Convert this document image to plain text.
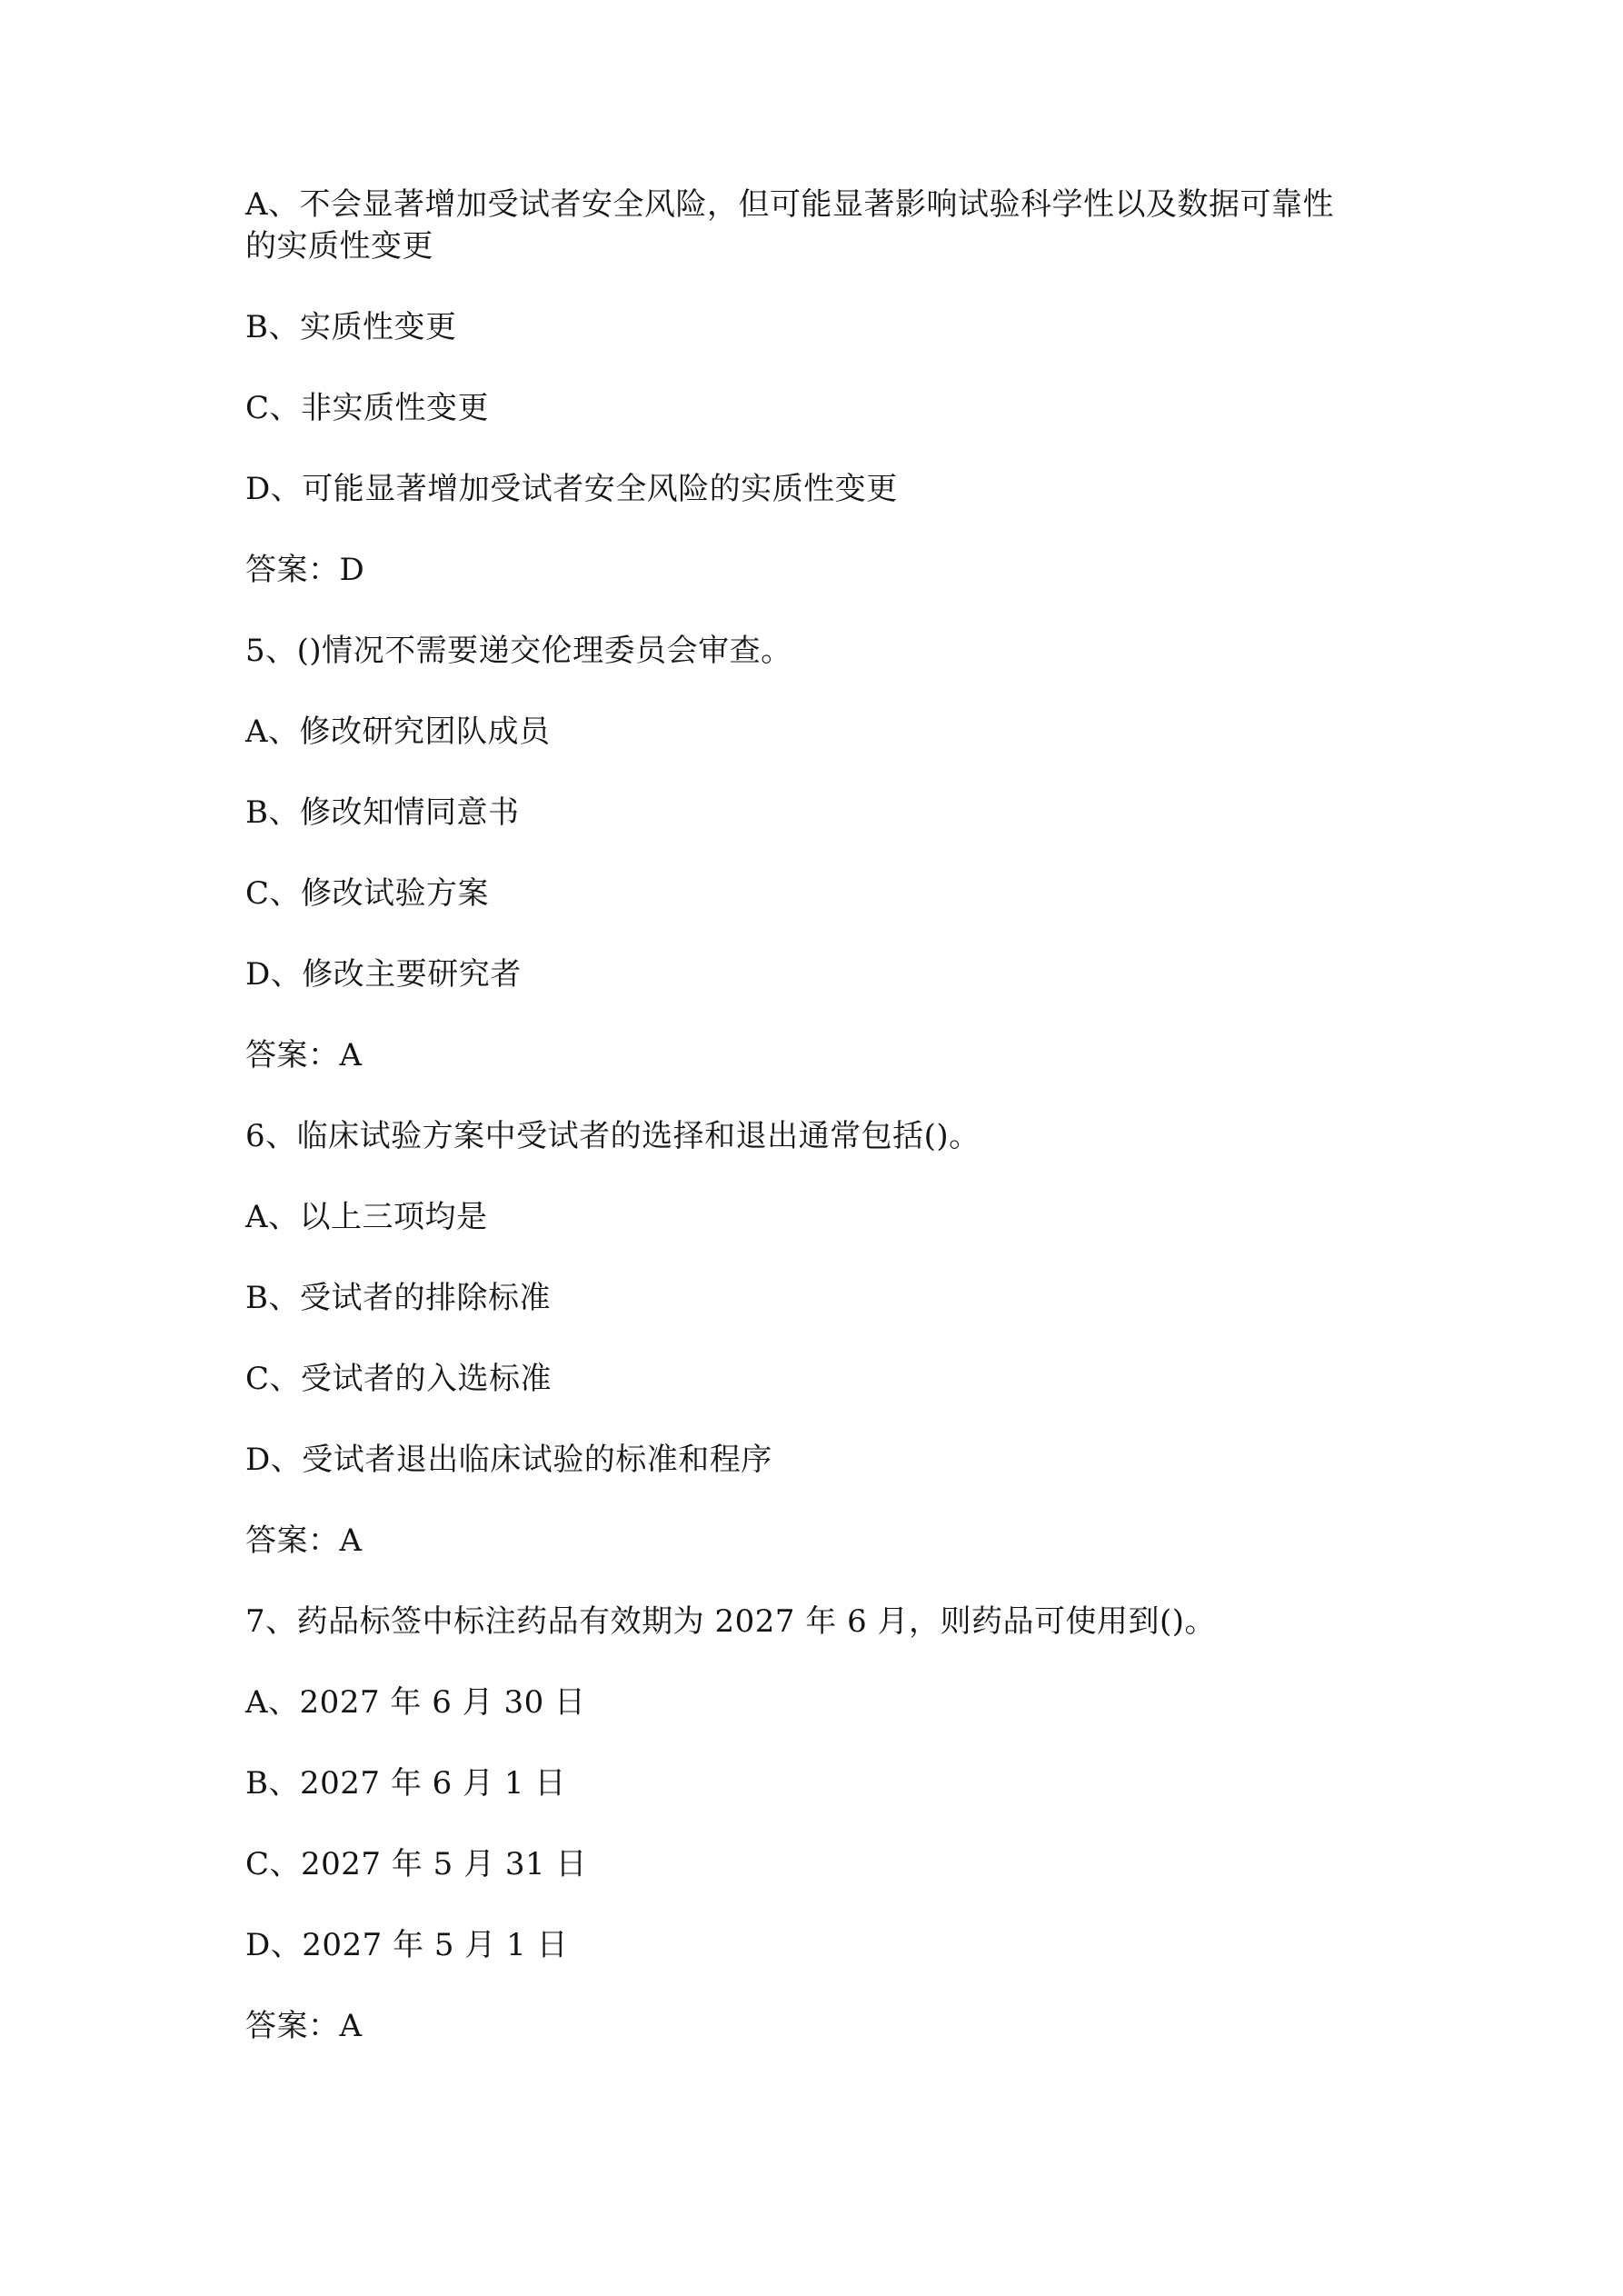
A、不会显著增加受试者安全风险，但可能显著影响试验科学性以及数据可靠性

的实质性变更

B、实质性变更

C、非实质性变更

D、可能显著增加受试者安全风险的实质性变更

答案：D

5、()情况不需要递交伦理委员会审查。

A、修改研究团队成员

B、修改知情同意书

C、修改试验方案

D、修改主要研究者

答案：A

6、临床试验方案中受试者的选择和退出通常包括()。

A、以上三项均是

B、受试者的排除标准

C、受试者的入选标准

D、受试者退出临床试验的标准和程序

答案：A

7、药品标签中标注药品有效期为 2027 年 6 月，则药品可使用到()。

A、2027 年 6 月 30 日

B、2027 年 6 月 1 日

C、2027 年 5 月 31 日

D、2027 年 5 月 1 日

答案：A
